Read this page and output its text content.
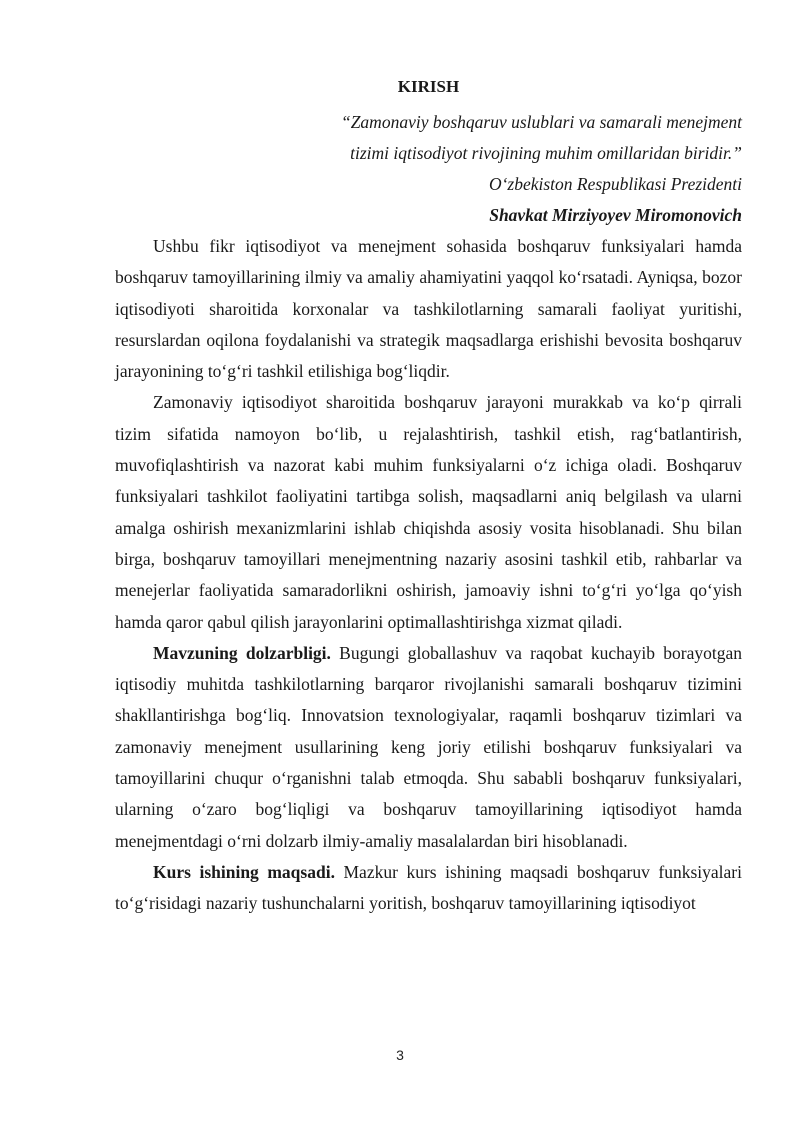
KIRISH
“Zamonaviy boshqaruv uslublari va samarali menejment
tizimi iqtisodiyot rivojining muhim omillaridan biridir.”
O‘zbekiston Respublikasi Prezidenti
Shavkat Mirziyoyev Miromonovich

Ushbu fikr iqtisodiyot va menejment sohasida boshqaruv funksiyalari hamda boshqaruv tamoyillarining ilmiy va amaliy ahamiyatini yaqqol ko‘rsatadi. Ayniqsa, bozor iqtisodiyoti sharoitida korxonalar va tashkilotlarning samarali faoliyat yuritishi, resurslardan oqilona foydalanishi va strategik maqsadlarga erishishi bevosita boshqaruv jarayonining to‘g‘ri tashkil etilishiga bog‘liqdir.

Zamonaviy iqtisodiyot sharoitida boshqaruv jarayoni murakkab va ko‘p qirrali tizim sifatida namoyon bo‘lib, u rejalashtirish, tashkil etish, rag‘batlantirish, muvofiqlashtirish va nazorat kabi muhim funksiyalarni o‘z ichiga oladi. Boshqaruv funksiyalari tashkilot faoliyatini tartibga solish, maqsadlarni aniq belgilash va ularni amalga oshirish mexanizmlarini ishlab chiqishda asosiy vosita hisoblanadi. Shu bilan birga, boshqaruv tamoyillari menejmentning nazariy asosini tashkil etib, rahbarlar va menejerlar faoliyatida samaradorlikni oshirish, jamoaviy ishni to‘g‘ri yo‘lga qo‘yish hamda qaror qabul qilish jarayonlarini optimallashtirishga xizmat qiladi.

Mavzuning dolzarbligi. Bugungi globallashuv va raqobat kuchayib borayotgan iqtisodiy muhitda tashkilotlarning barqaror rivojlanishi samarali boshqaruv tizimini shakllantirishga bog‘liq. Innovatsion texnologiyalar, raqamli boshqaruv tizimlari va zamonaviy menejment usullarining keng joriy etilishi boshqaruv funksiyalari va tamoyillarini chuqur o‘rganishni talab etmoqda. Shu sababli boshqaruv funksiyalari, ularning o‘zaro bog‘liqligi va boshqaruv tamoyillarining iqtisodiyot hamda menejmentdagi o‘rni dolzarb ilmiy-amaliy masalalardan biri hisoblanadi.

Kurs ishining maqsadi. Mazkur kurs ishining maqsadi boshqaruv funksiyalari to‘g‘risidagi nazariy tushunchalarni yoritish, boshqaruv tamoyillarining iqtisodiyot

3
